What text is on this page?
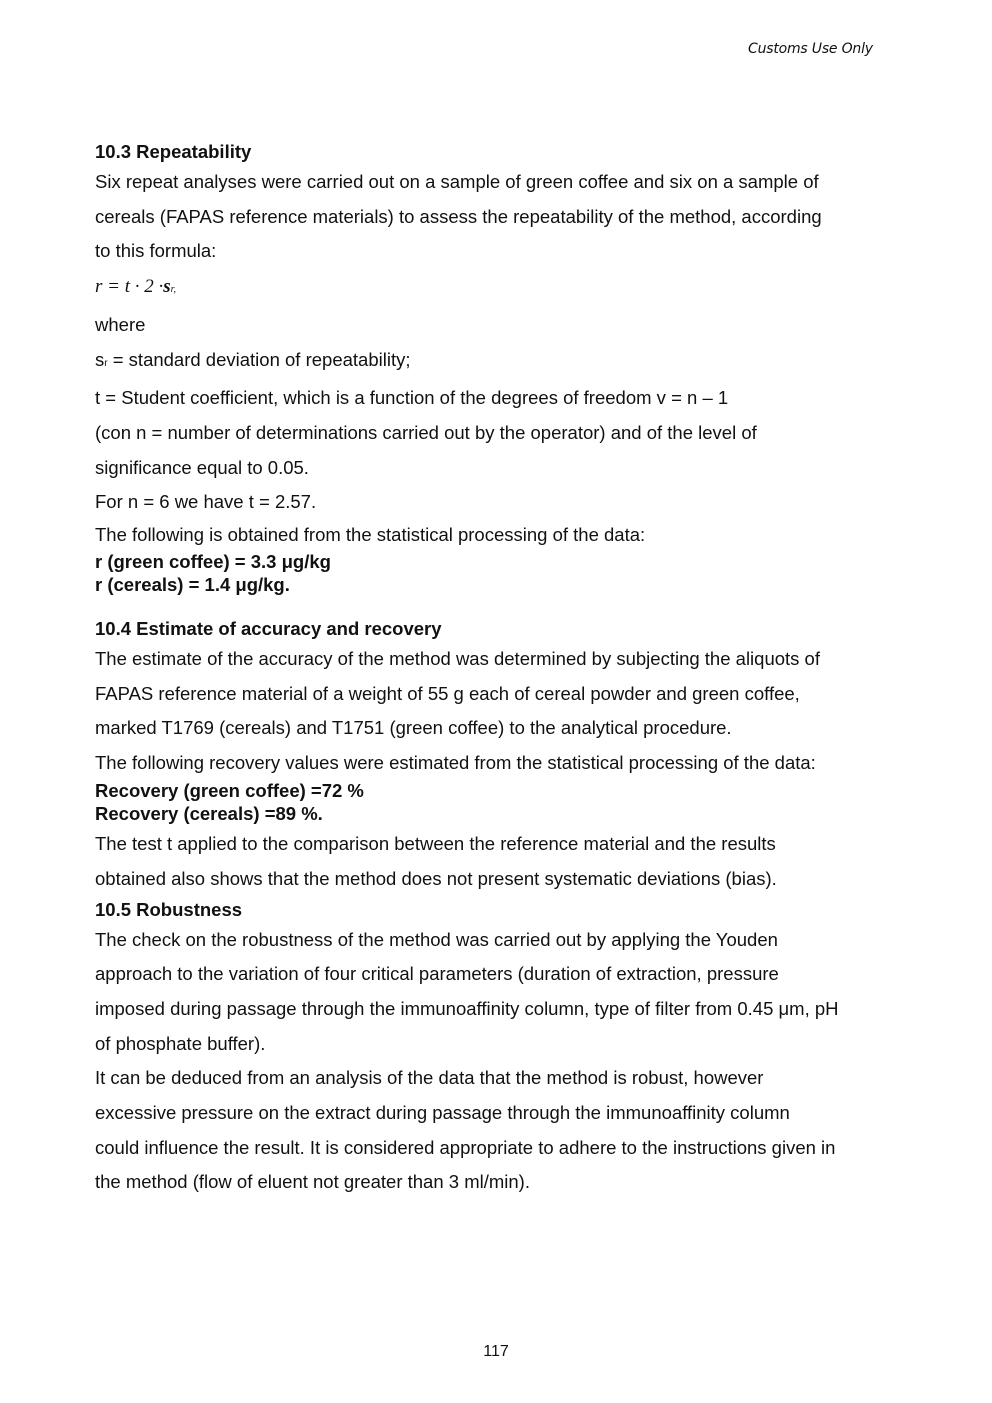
Customs Use Only
10.3 Repeatability

Six repeat analyses were carried out on a sample of green coffee and six on a sample of

cereals (FAPAS reference materials) to assess the repeatability of the method, according

to this formula:

r = t · 2 ·sr,

where

sr = standard deviation of repeatability;

t = Student coefficient, which is a function of the degrees of freedom v = n – 1

(con n = number of determinations carried out by the operator) and of the level of

significance equal to 0.05.

For n = 6 we have t = 2.57.

The following is obtained from the statistical processing of the data:

r (green coffee) = 3.3 μg/kg

r (cereals) = 1.4 μg/kg.

10.4 Estimate of accuracy and recovery

The estimate of the accuracy of the method was determined by subjecting the aliquots of

FAPAS reference material of a weight of 55 g each of cereal powder and green coffee,

marked T1769 (cereals) and T1751 (green coffee) to the analytical procedure.

The following recovery values were estimated from the statistical processing of the data:

Recovery (green coffee) =72 %

Recovery (cereals) =89 %.

The test t applied to the comparison between the reference material and the results

obtained also shows that the method does not present systematic deviations (bias).

10.5 Robustness

The check on the robustness of the method was carried out by applying the Youden

approach to the variation of four critical parameters (duration of extraction, pressure

imposed during passage through the immunoaffinity column, type of filter from 0.45 μm, pH

of phosphate buffer).

It can be deduced from an analysis of the data that the method is robust, however

excessive pressure on the extract during passage through the immunoaffinity column

could influence the result. It is considered appropriate to adhere to the instructions given in

the method (flow of eluent not greater than 3 ml/min).

117
